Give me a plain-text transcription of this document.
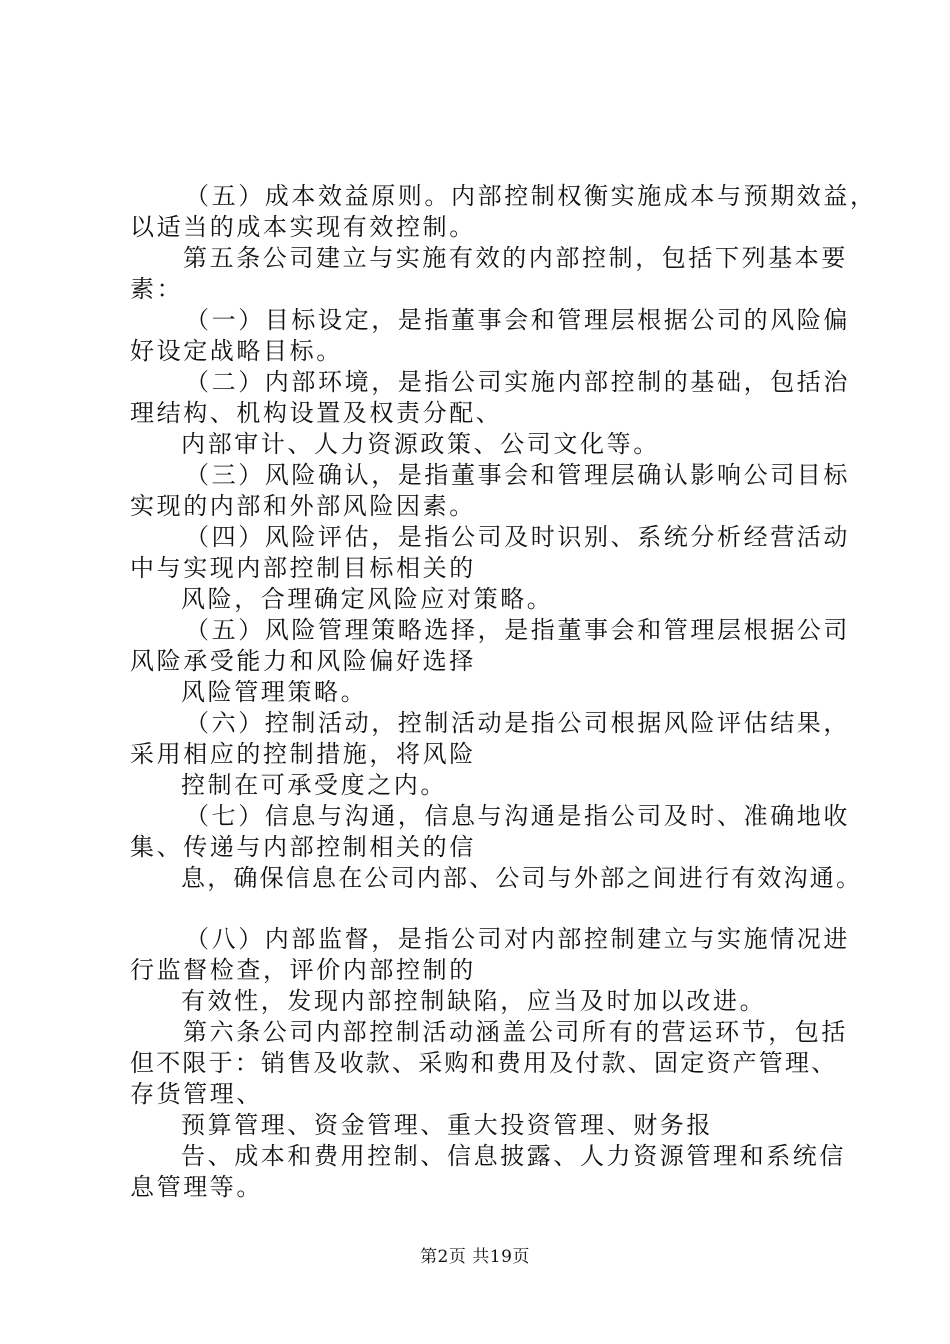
（五）成本效益原则。内部控制权衡实施成本与预期效益，
以适当的成本实现有效控制。
第五条公司建立与实施有效的内部控制，包括下列基本要
素：
（一）目标设定，是指董事会和管理层根据公司的风险偏
好设定战略目标。
（二）内部环境，是指公司实施内部控制的基础，包括治
理结构、机构设置及权责分配、
内部审计、人力资源政策、公司文化等。
（三）风险确认，是指董事会和管理层确认影响公司目标
实现的内部和外部风险因素。
（四）风险评估，是指公司及时识别、系统分析经营活动
中与实现内部控制目标相关的
风险，合理确定风险应对策略。
（五）风险管理策略选择，是指董事会和管理层根据公司
风险承受能力和风险偏好选择
风险管理策略。
（六）控制活动，控制活动是指公司根据风险评估结果，
采用相应的控制措施，将风险
控制在可承受度之内。
（七）信息与沟通，信息与沟通是指公司及时、准确地收
集、传递与内部控制相关的信
息，确保信息在公司内部、公司与外部之间进行有效沟通。
（八）内部监督，是指公司对内部控制建立与实施情况进
行监督检查，评价内部控制的
有效性，发现内部控制缺陷，应当及时加以改进。
第六条公司内部控制活动涵盖公司所有的营运环节，包括
但不限于：销售及收款、采购和费用及付款、固定资产管理、
存货管理、
预算管理、资金管理、重大投资管理、财务报
告、成本和费用控制、信息披露、人力资源管理和系统信
息管理等。
第2页 共19页
